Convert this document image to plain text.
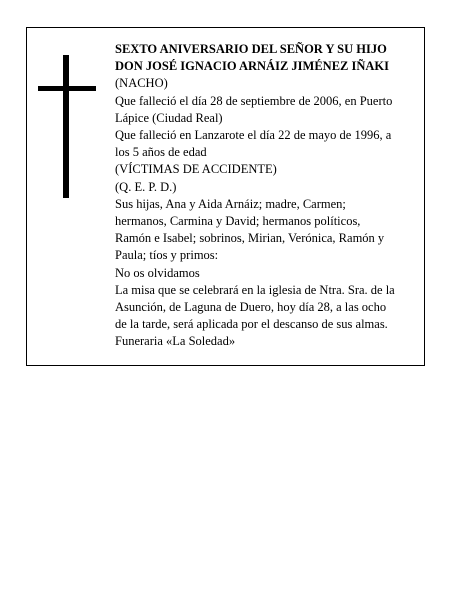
SEXTO ANIVERSARIO DEL SEÑOR Y SU HIJO
DON JOSÉ IGNACIO ARNÁIZ JIMÉNEZ IÑAKI
(NACHO)
Que falleció el día 28 de septiembre de 2006, en Puerto
Lápice (Ciudad Real)
Que falleció en Lanzarote el día 22 de mayo de 1996, a
los 5 años de edad
(VÍCTIMAS DE ACCIDENTE)
(Q. E. P. D.)
Sus hijas, Ana y Aida Arnáiz; madre, Carmen;
hermanos, Carmina y David; hermanos políticos,
Ramón e Isabel; sobrinos, Mirian, Verónica, Ramón y
Paula; tíos y primos:
No os olvidamos
La misa que se celebrará en la iglesia de Ntra. Sra. de la
Asunción, de Laguna de Duero, hoy día 28, a las ocho
de la tarde, será aplicada por el descanso de sus almas.
Funeraria «La Soledad»
